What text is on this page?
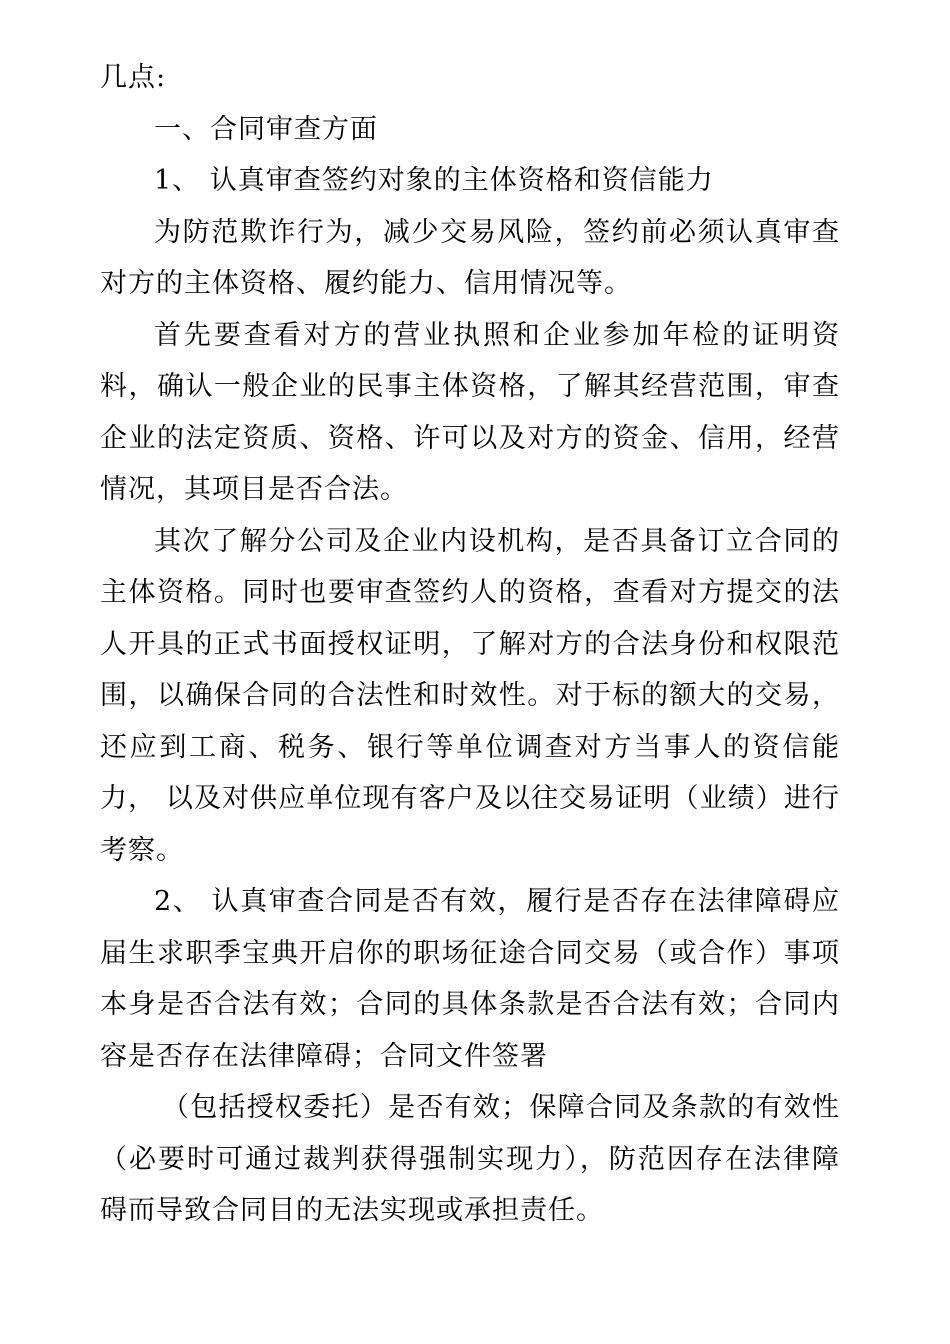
几点:

一、合同审查方面

1、 认真审查签约对象的主体资格和资信能力

为防范欺诈行为，减少交易风险，签约前必须认真审查对方的主体资格、履约能力、信用情况等。

首先要查看对方的营业执照和企业参加年检的证明资料，确认一般企业的民事主体资格，了解其经营范围，审查企业的法定资质、资格、许可以及对方的资金、信用，经营情况，其项目是否合法。

其次了解分公司及企业内设机构，是否具备订立合同的主体资格。同时也要审查签约人的资格，查看对方提交的法人开具的正式书面授权证明，了解对方的合法身份和权限范围，以确保合同的合法性和时效性。对于标的额大的交易，还应到工商、税务、银行等单位调查对方当事人的资信能力， 以及对供应单位现有客户及以往交易证明（业绩）进行考察。

2、 认真审查合同是否有效，履行是否存在法律障碍应届生求职季宝典开启你的职场征途合同交易（或合作）事项本身是否合法有效；合同的具体条款是否合法有效；合同内容是否存在法律障碍；合同文件签署

（包括授权委托）是否有效；保障合同及条款的有效性（必要时可通过裁判获得强制实现力），防范因存在法律障碍而导致合同目的无法实现或承担责任。
